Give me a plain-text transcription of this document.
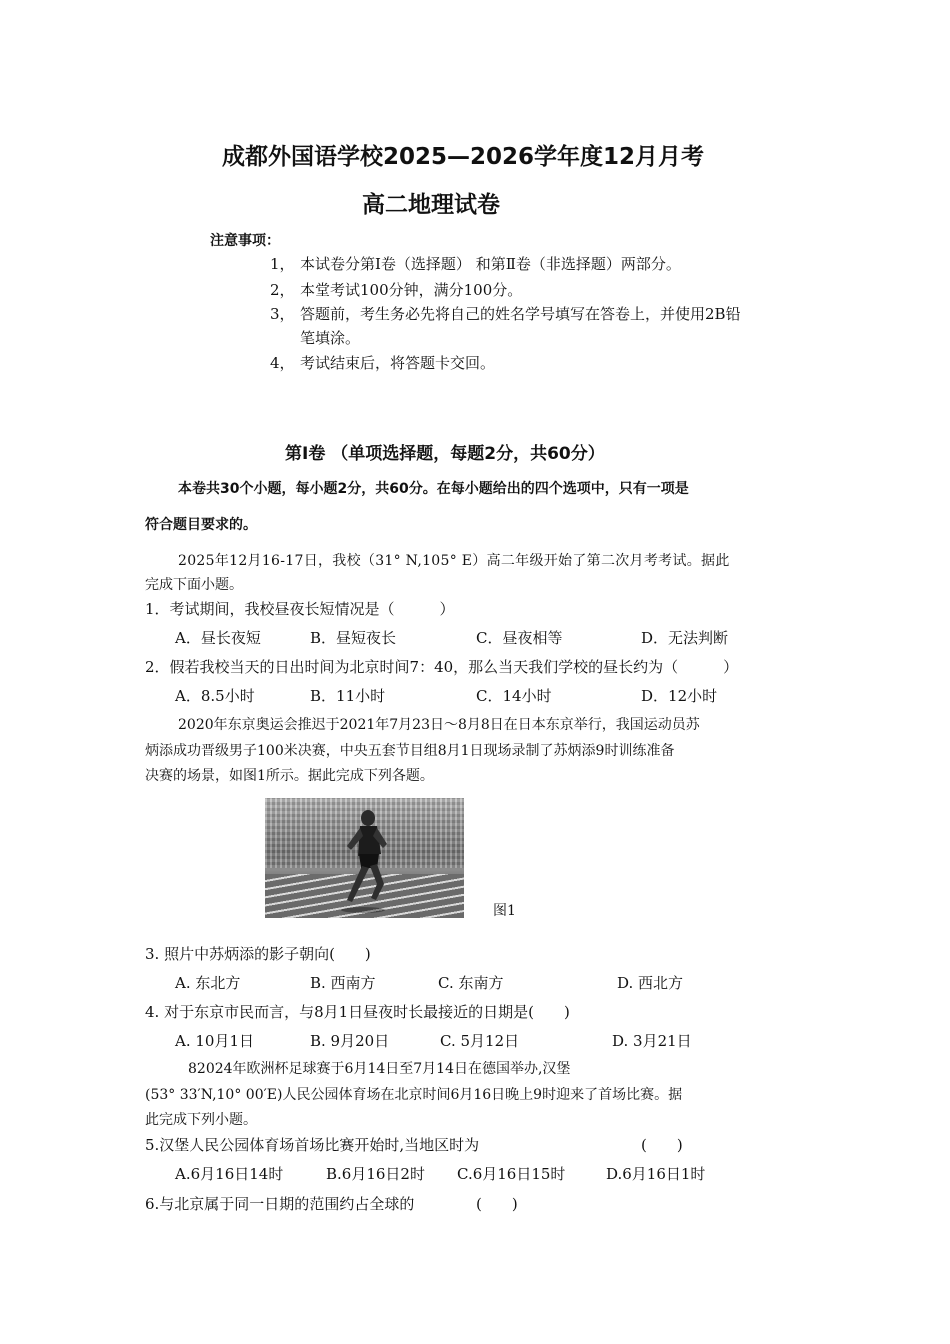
成都外国语学校2025—2026学年度12月月考
高二地理试卷
注意事项：
1， 本试卷分第Ⅰ卷（选择题） 和第Ⅱ卷（非选择题）两部分。
2， 本堂考试100分钟，满分100分。
3， 答题前，考生务必先将自己的姓名学号填写在答卷上，并使用2B铅
笔填涂。
4， 考试结束后，将答题卡交回。
第Ⅰ卷 （单项选择题，每题2分，共60分）
本卷共30个小题，每小题2分，共60分。在每小题给出的四个选项中，只有一项是
符合题目要求的。
2025年12月16-17日，我校（31° N,105° E）高二年级开始了第二次月考考试。据此
完成下面小题。
1．考试期间，我校昼夜长短情况是（　　　）
A．昼长夜短	B．昼短夜长	C．昼夜相等	D．无法判断
2．假若我校当天的日出时间为北京时间7：40，那么当天我们学校的昼长约为（　　　）
A．8.5小时	B．11小时	C．14小时	D．12小时
2020年东京奥运会推迟于2021年7月23日～8月8日在日本东京举行，我国运动员苏
炳添成功晋级男子100米决赛，中央五套节目组8月1日现场录制了苏炳添9时训练准备
决赛的场景，如图1所示。据此完成下列各题。
图1
3. 照片中苏炳添的影子朝向(　　)
A. 东北方	B. 西南方	C. 东南方	D. 西北方
4. 对于东京市民而言，与8月1日昼夜时长最接近的日期是(　　)
A. 10月1日	B. 9月20日	C. 5月12日	D. 3月21日
82024年欧洲杯足球赛于6月14日至7月14日在德国举办,汉堡
(53° 33′N,10° 00′E)人民公园体育场在北京时间6月16日晚上9时迎来了首场比赛。据
此完成下列小题。
5.汉堡人民公园体育场首场比赛开始时,当地区时为	(　　)
A.6月16日14时	B.6月16日2时 C.6月16日15时	D.6月16日1时
6.与北京属于同一日期的范围约占全球的	(　　)
